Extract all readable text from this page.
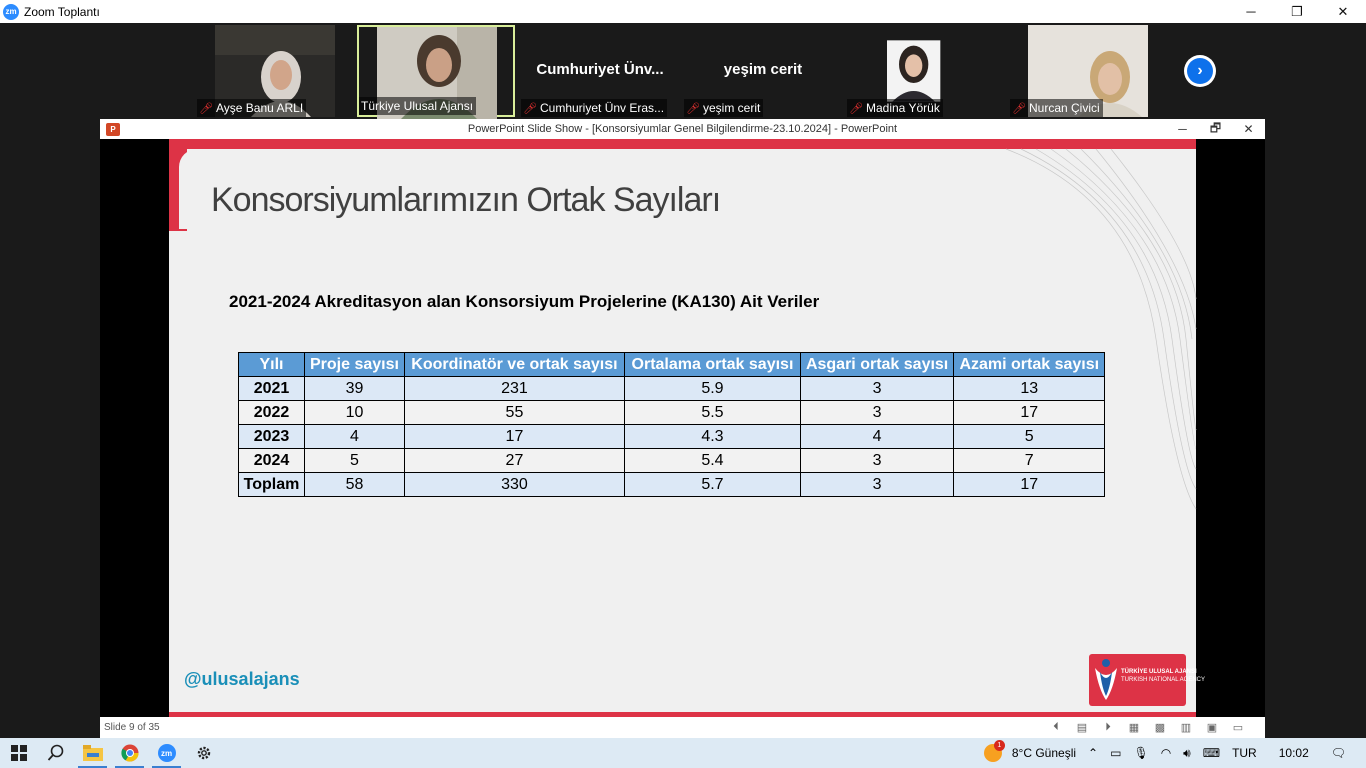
zm Zoom Toplantı	─	❐	✕
🎤︎ Ayşe Banu ARLI	Türkiye Ulusal Ajansı
Cumhuriyet Ünv...
🎤︎ Cumhuriyet Ünv Eras...
yeşim cerit
🎤︎ yeşim cerit	🎤︎ Madina Yörük	🎤︎ Nurcan Çivici
›
P	PowerPoint Slide Show - [Konsorsiyumlar Genel Bilgilendirme-23.10.2024] - PowerPoint	─	🗗	✕
Konsorsiyumlarımızın Ortak Sayıları
2021-2024 Akreditasyon alan Konsorsiyum Projelerine (KA130) Ait Veriler
Yılı	Proje sayısı	Koordinatör ve ortak sayısı	Ortalama ortak sayısı	Asgari ortak sayısı	Azami ortak sayısı
2021	39	231	5.9	3	13
2022	10	55	5.5	3	17
2023	4	17	4.3	4	5
2024	5	27	5.4	3	7
Toplam	58	330	5.7	3	17
@ulusalajans	TÜRKİYE ULUSAL AJANSI
TURKISH NATIONAL AGENCY
Slide 9 of 35	⏴	▤	⏵	▦	▩	▥	▣	▭
zm
1
8°C Güneşli ⌃ ▭ 🎙︎ ◠ 🔊︎ ⌨ TUR 10:02 🗨︎
